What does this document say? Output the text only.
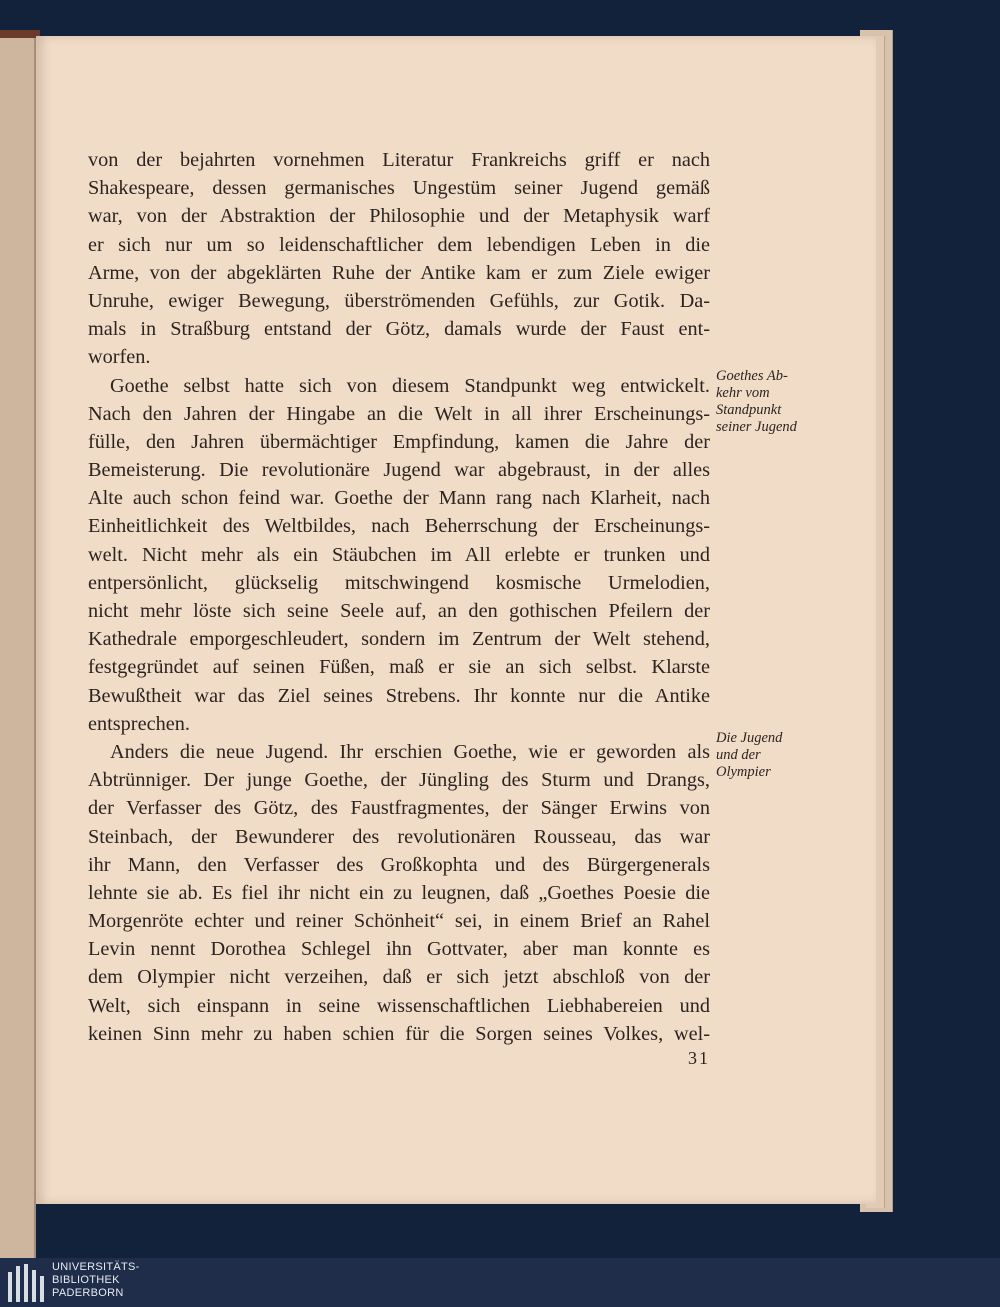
von der bejahrten vornehmen Literatur Frankreichs griff er nach
Shakespeare, dessen germanisches Ungestüm seiner Jugend gemäß
war, von der Abstraktion der Philosophie und der Metaphysik warf
er sich nur um so leidenschaftlicher dem lebendigen Leben in die
Arme, von der abgeklärten Ruhe der Antike kam er zum Ziele ewiger
Unruhe, ewiger Bewegung, überströmenden Gefühls, zur Gotik. Da-
mals in Straßburg entstand der Götz, damals wurde der Faust ent-
worfen.
Goethe selbst hatte sich von diesem Standpunkt weg entwickelt.
Nach den Jahren der Hingabe an die Welt in all ihrer Erscheinungs-
fülle, den Jahren übermächtiger Empfindung, kamen die Jahre der
Bemeisterung. Die revolutionäre Jugend war abgebraust, in der alles
Alte auch schon feind war. Goethe der Mann rang nach Klarheit, nach
Einheitlichkeit des Weltbildes, nach Beherrschung der Erscheinungs-
welt. Nicht mehr als ein Stäubchen im All erlebte er trunken und
entpersönlicht, glückselig mitschwingend kosmische Urmelodien,
nicht mehr löste sich seine Seele auf, an den gothischen Pfeilern der
Kathedrale emporgeschleudert, sondern im Zentrum der Welt stehend,
festgegründet auf seinen Füßen, maß er sie an sich selbst. Klarste
Bewußtheit war das Ziel seines Strebens. Ihr konnte nur die Antike
entsprechen.
Anders die neue Jugend. Ihr erschien Goethe, wie er geworden als
Abtrünniger. Der junge Goethe, der Jüngling des Sturm und Drangs,
der Verfasser des Götz, des Faustfragmentes, der Sänger Erwins von
Steinbach, der Bewunderer des revolutionären Rousseau, das war
ihr Mann, den Verfasser des Großkophta und des Bürgergenerals
lehnte sie ab. Es fiel ihr nicht ein zu leugnen, daß „Goethes Poesie die
Morgenröte echter und reiner Schönheit“ sei, in einem Brief an Rahel
Levin nennt Dorothea Schlegel ihn Gottvater, aber man konnte es
dem Olympier nicht verzeihen, daß er sich jetzt abschloß von der
Welt, sich einspann in seine wissenschaftlichen Liebhabereien und
keinen Sinn mehr zu haben schien für die Sorgen seines Volkes, wel-
Goethes Ab-
kehr vom
Standpunkt
seiner Jugend
Die Jugend
und der
Olympier
31
UNIVERSITÄTS-
BIBLIOTHEK
PADERBORN
